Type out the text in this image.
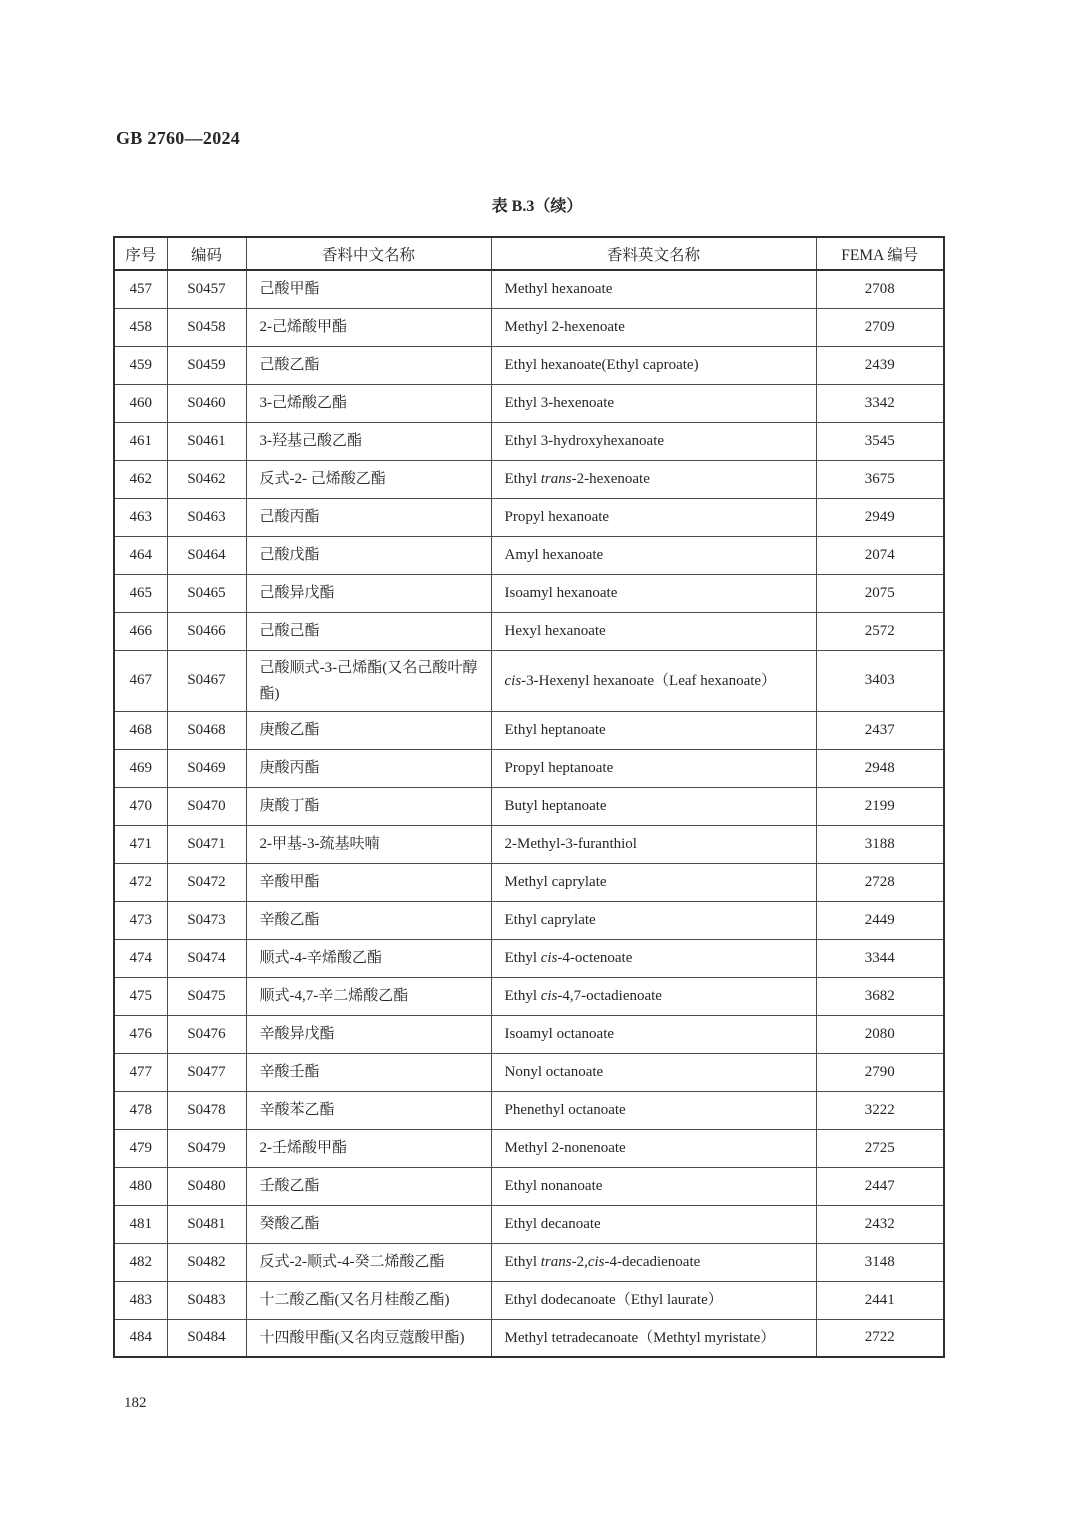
GB 2760—2024
表 B.3（续）
序号	编码	香料中文名称	香料英文名称	FEMA 编号
457	S0457	己酸甲酯	Methyl hexanoate	2708
458	S0458	2-己烯酸甲酯	Methyl 2-hexenoate	2709
459	S0459	己酸乙酯	Ethyl hexanoate(Ethyl caproate)	2439
460	S0460	3-己烯酸乙酯	Ethyl 3-hexenoate	3342
461	S0461	3-羟基己酸乙酯	Ethyl 3-hydroxyhexanoate	3545
462	S0462	反式-2- 己烯酸乙酯	Ethyl trans-2-hexenoate	3675
463	S0463	己酸丙酯	Propyl hexanoate	2949
464	S0464	己酸戊酯	Amyl hexanoate	2074
465	S0465	己酸异戊酯	Isoamyl hexanoate	2075
466	S0466	己酸己酯	Hexyl hexanoate	2572
467	S0467	己酸顺式-3-己烯酯(又名己酸叶醇酯)	cis-3-Hexenyl hexanoate（Leaf hexanoate）	3403
468	S0468	庚酸乙酯	Ethyl heptanoate	2437
469	S0469	庚酸丙酯	Propyl heptanoate	2948
470	S0470	庚酸丁酯	Butyl heptanoate	2199
471	S0471	2-甲基-3-巯基呋喃	2-Methyl-3-furanthiol	3188
472	S0472	辛酸甲酯	Methyl caprylate	2728
473	S0473	辛酸乙酯	Ethyl caprylate	2449
474	S0474	顺式-4-辛烯酸乙酯	Ethyl cis-4-octenoate	3344
475	S0475	顺式-4,7-辛二烯酸乙酯	Ethyl cis-4,7-octadienoate	3682
476	S0476	辛酸异戊酯	Isoamyl octanoate	2080
477	S0477	辛酸壬酯	Nonyl octanoate	2790
478	S0478	辛酸苯乙酯	Phenethyl octanoate	3222
479	S0479	2-壬烯酸甲酯	Methyl 2-nonenoate	2725
480	S0480	壬酸乙酯	Ethyl nonanoate	2447
481	S0481	癸酸乙酯	Ethyl decanoate	2432
482	S0482	反式-2-顺式-4-癸二烯酸乙酯	Ethyl trans-2,cis-4-decadienoate	3148
483	S0483	十二酸乙酯(又名月桂酸乙酯)	Ethyl dodecanoate（Ethyl laurate）	2441
484	S0484	十四酸甲酯(又名肉豆蔻酸甲酯)	Methyl tetradecanoate（Methtyl myristate）	2722
182
